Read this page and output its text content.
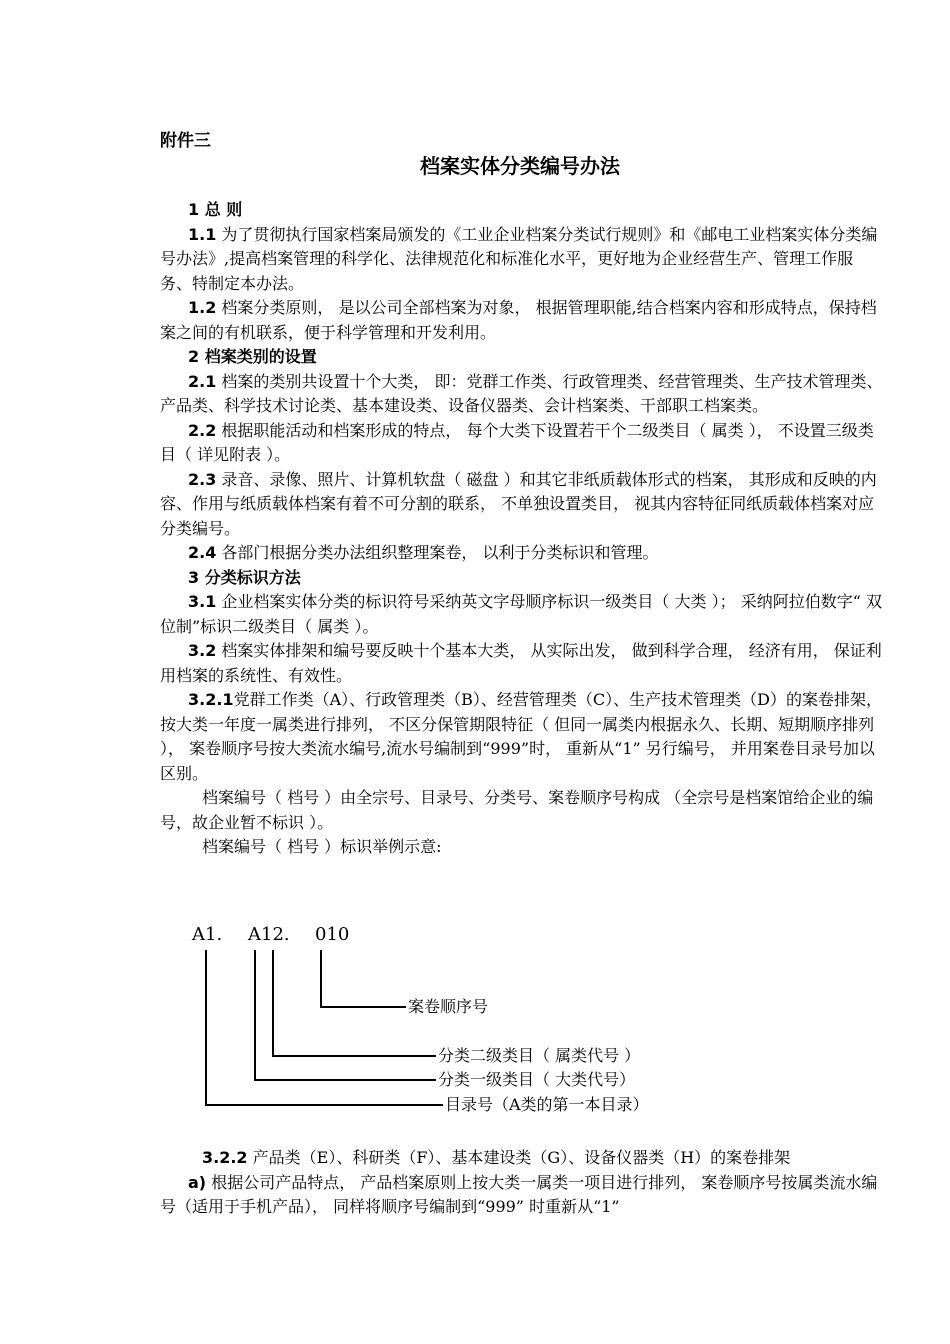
附件三
档案实体分类编号办法

1 总 则

1.1 为了贯彻执行国家档案局颁发的《工业企业档案分类试行规则》和《邮电工业档案实体分类编号办法》,提高档案管理的科学化、法律规范化和标准化水平，更好地为企业经营生产、管理工作服务、特制定本办法。

1.2 档案分类原则， 是以公司全部档案为对象， 根据管理职能,结合档案内容和形成特点，保持档案之间的有机联系，便于科学管理和开发利用。

2 档案类别的设置

2.1 档案的类别共设置十个大类， 即：党群工作类、行政管理类、经营管理类、生产技术管理类、产品类、科学技术讨论类、基本建设类、设备仪器类、会计档案类、干部职工档案类。

2.2 根据职能活动和档案形成的特点， 每个大类下设置若干个二级类目（ 属类 ）， 不设置三级类目（ 详见附表 ）。

2.3 录音、录像、照片、计算机软盘（ 磁盘 ）和其它非纸质载体形式的档案， 其形成和反映的内容、作用与纸质载体档案有着不可分割的联系， 不单独设置类目， 视其内容特征同纸质载体档案对应分类编号。

2.4 各部门根据分类办法组织整理案卷， 以利于分类标识和管理。

3 分类标识方法

3.1 企业档案实体分类的标识符号采纳英文字母顺序标识一级类目（ 大类 ）； 采纳阿拉伯数字“ 双位制”标识二级类目（ 属类 ）。

3.2 档案实体排架和编号要反映十个基本大类， 从实际出发， 做到科学合理， 经济有用， 保证利用档案的系统性、有效性。

3.2.1党群工作类（A）、行政管理类（B）、经营管理类（C）、生产技术管理类（D）的案卷排架， 按大类一年度一属类进行排列， 不区分保管期限特征（ 但同一属类内根据永久、长期、短期顺序排列 ）， 案卷顺序号按大类流水编号,流水号编制到“999”时， 重新从“1” 另行编号， 并用案卷目录号加以区别。

档案编号（ 档号 ）由全宗号、目录号、分类号、案卷顺序号构成 （全宗号是档案馆给企业的编号，故企业暂不标识 ）。

档案编号（ 档号 ）标识举例示意:

A1. A12. 010
案卷顺序号
分类二级类目（ 属类代号 ）
分类一级类目（ 大类代号）
目录号（A类的第一本目录）

3.2.2 产品类（E）、科研类（F）、基本建设类（G）、设备仪器类（H）的案卷排架

a) 根据公司产品特点， 产品档案原则上按大类一属类一项目进行排列， 案卷顺序号按属类流水编号（适用于手机产品）， 同样将顺序号编制到“999” 时重新从“1”
